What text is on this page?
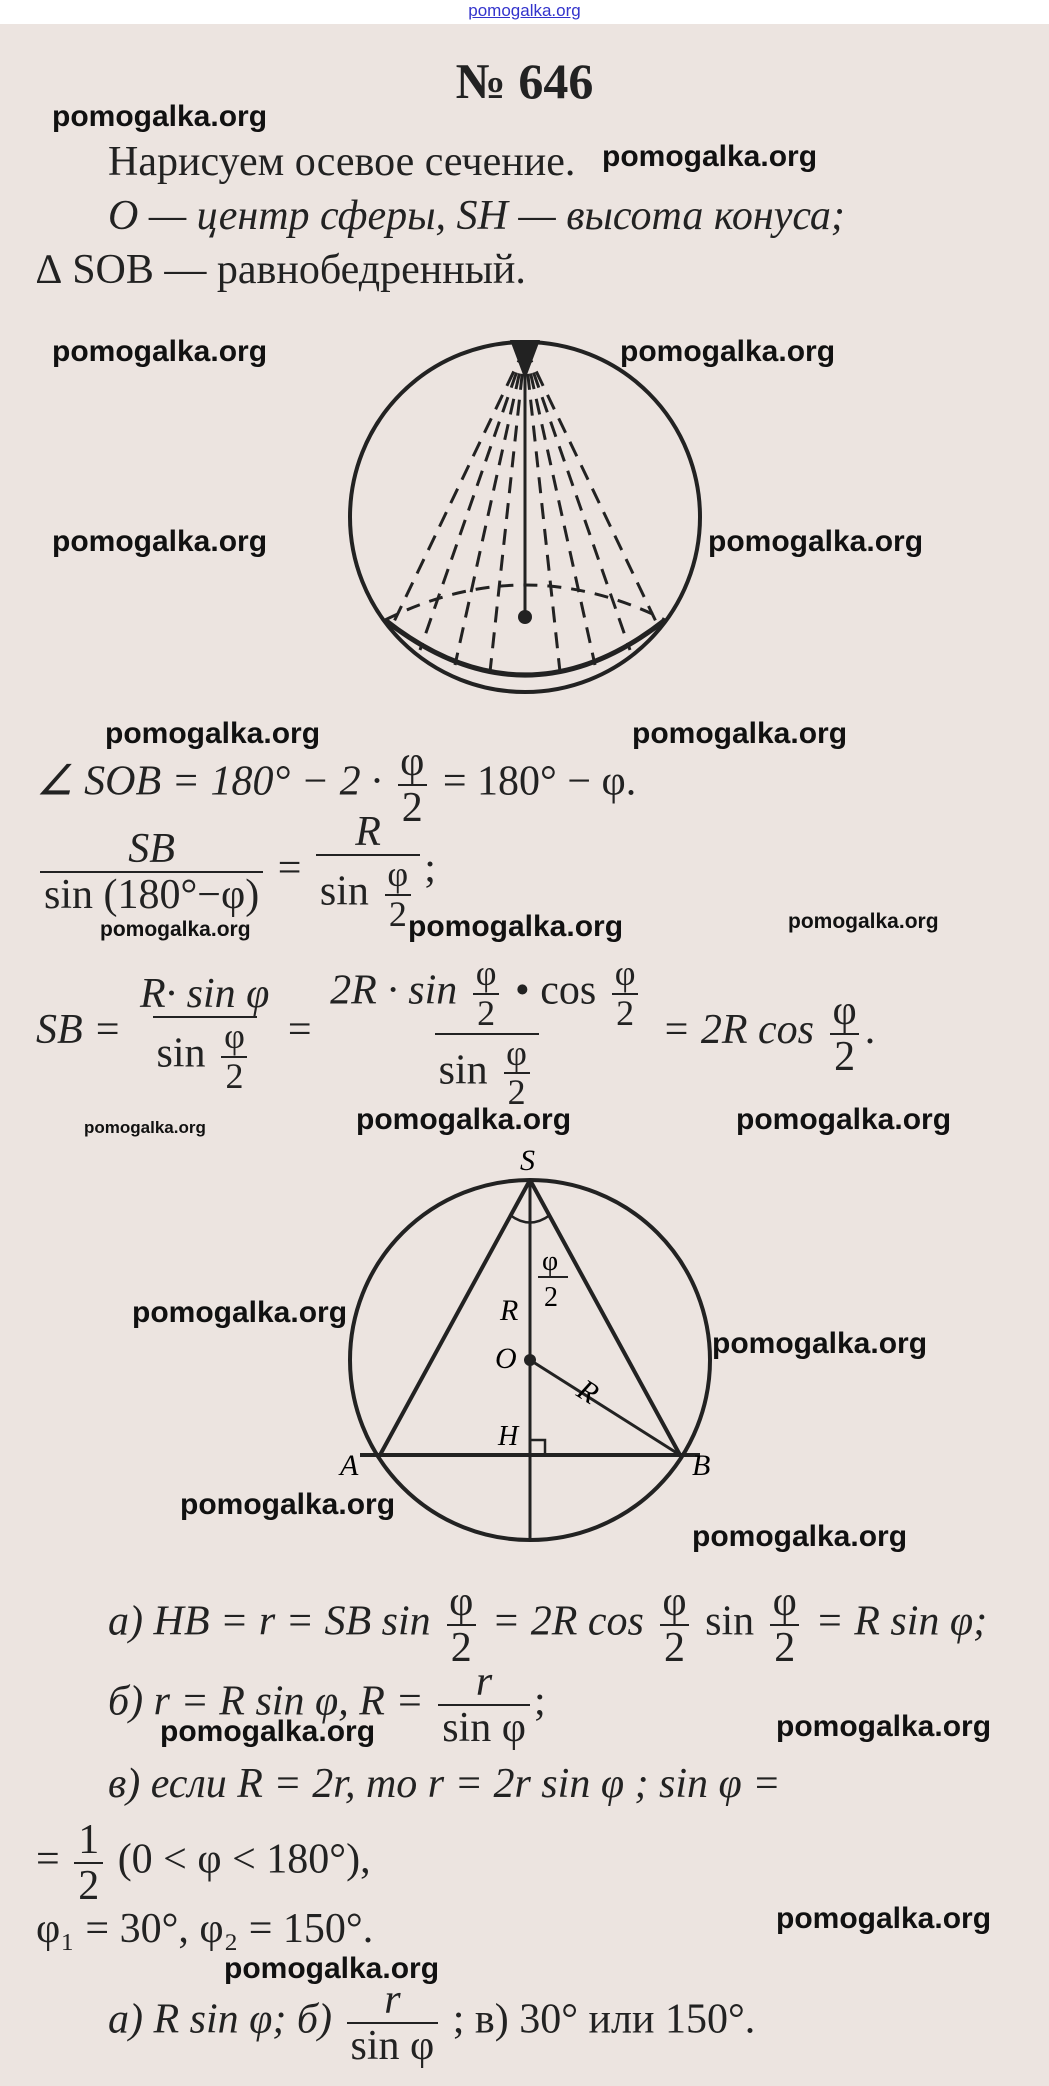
pomogalka.org
№ 646
Нарисуем осевое сечение.
O — центр сферы, SH — высота конуса;
∆ SOB — равнобедренный.
∠ SOB = $180^\circ - 2 \cdot \frac{\varphi}{2} = 180^\circ - \varphi$.
$\frac{SB}{\sin (180^\circ-\varphi)} = \frac{R}{\sin \frac{\varphi}{2}}$ ;
SB = $\frac{\text{R· sin φ}}{\sin \frac{\varphi}{2}} = \frac{2R \cdot \sin \frac{\varphi}{2} • \cos \frac{\varphi}{2}}{\sin \frac{\varphi}{2}} = 2R$ $\cos \frac{\varphi}{2}$ .
S
A	B
O
H
R
R
φ
2
а) HB = r = SB $\sin \frac{\varphi}{2} = 2R$ $\cos \frac{\varphi}{2}$ $\sin \frac{\varphi}{2} = R$ sin φ;
б) r = R sin φ, $R = \frac{r}{\text{sin φ}}$ ;
в) если R = 2r, то r = 2r sin φ ; sin φ =
= $\frac{1}{2} (0 < \varphi < 180^\circ)$,
φ₁ = 30°, φ₂ = 150°.
а) R sin φ; $б) \frac{r}{\text{sin φ}}$ ; в) 30° или 150°.
pomogalka.org
pomogalka.org
pomogalka.org	pomogalka.org
pomogalka.org	pomogalka.org
pomogalka.org	pomogalka.org
pomogalka.org	pomogalka.org	pomogalka.org
pomogalka.org	pomogalka.org	pomogalka.org
pomogalka.org
pomogalka.org
pomogalka.org
pomogalka.org
pomogalka.org	pomogalka.org
pomogalka.org
pomogalka.org
